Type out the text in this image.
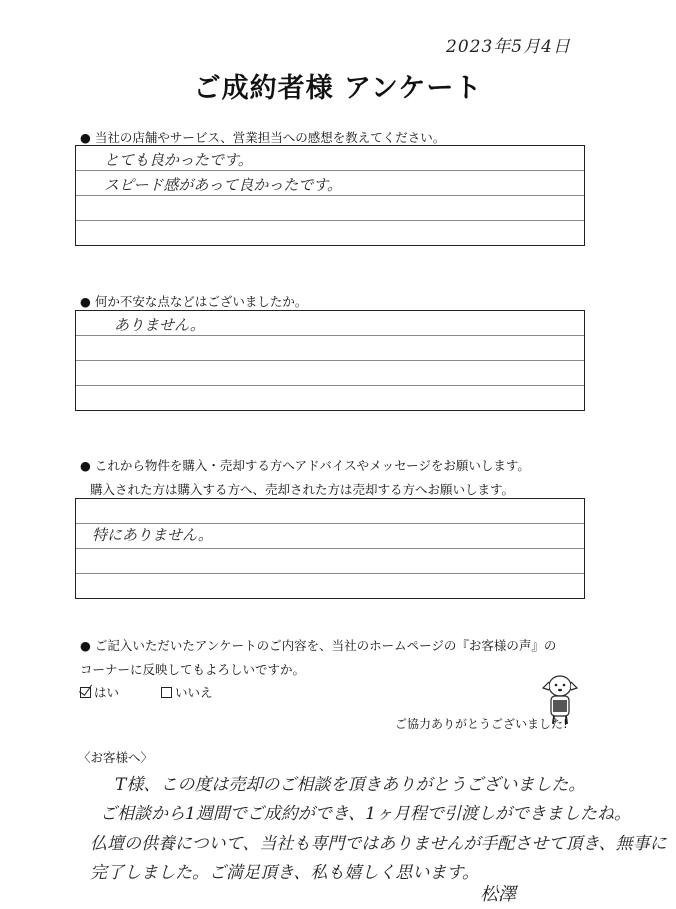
2023年5月4日
ご成約者様 アンケート
● 当社の店舗やサービス、営業担当への感想を教えてください。
とても良かったです。
スピード感があって良かったです。
● 何か不安な点などはございましたか。
ありません。
● これから物件を購入・売却する方へアドバイスやメッセージをお願いします。
購入された方は購入する方へ、売却された方は売却する方へお願いします。
特にありません。
● ご記入いただいたアンケートのご内容を、当社のホームページの『お客様の声』の
コーナーに反映してもよろしいですか。
はい	いいえ
ご協力ありがとうございました!
〈お客様へ〉
T様、この度は売却のご相談を頂きありがとうございました。
ご相談から1週間でご成約ができ、1ヶ月程で引渡しができましたね。
仏壇の供養について、当社も専門ではありませんが手配させて頂き、無事に
完了しました。ご満足頂き、私も嬉しく思います。
松澤
